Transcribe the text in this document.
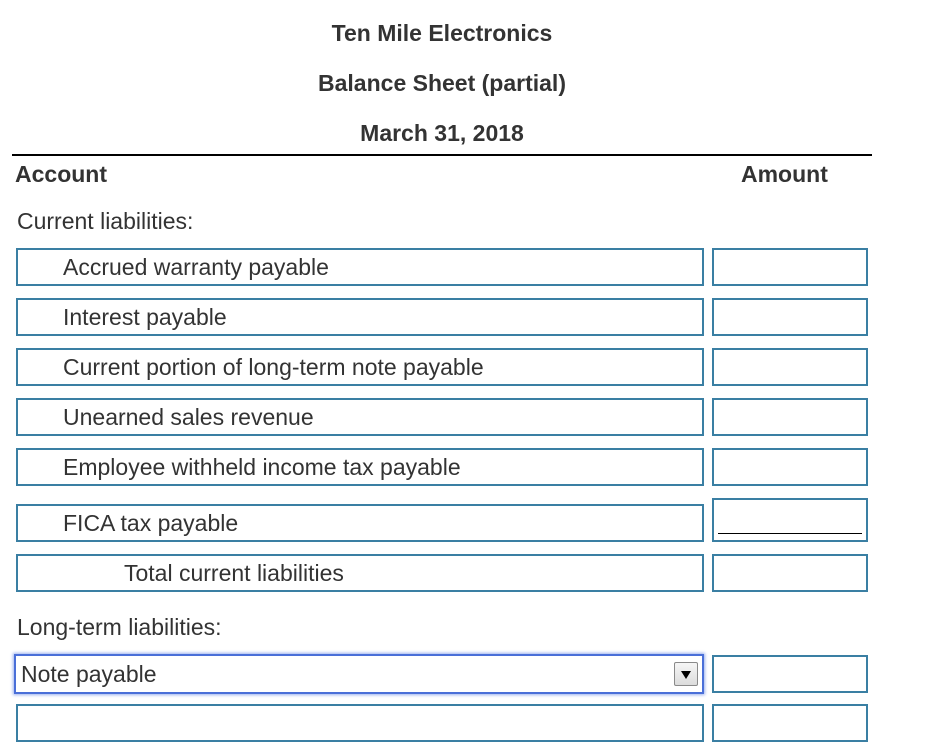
Ten Mile Electronics
Balance Sheet (partial)
March 31, 2018
Account	Amount
Current liabilities:
Accrued warranty payable
Interest payable
Current portion of long-term note payable
Unearned sales revenue
Employee withheld income tax payable
FICA tax payable
Total current liabilities
Long-term liabilities:
Note payable
